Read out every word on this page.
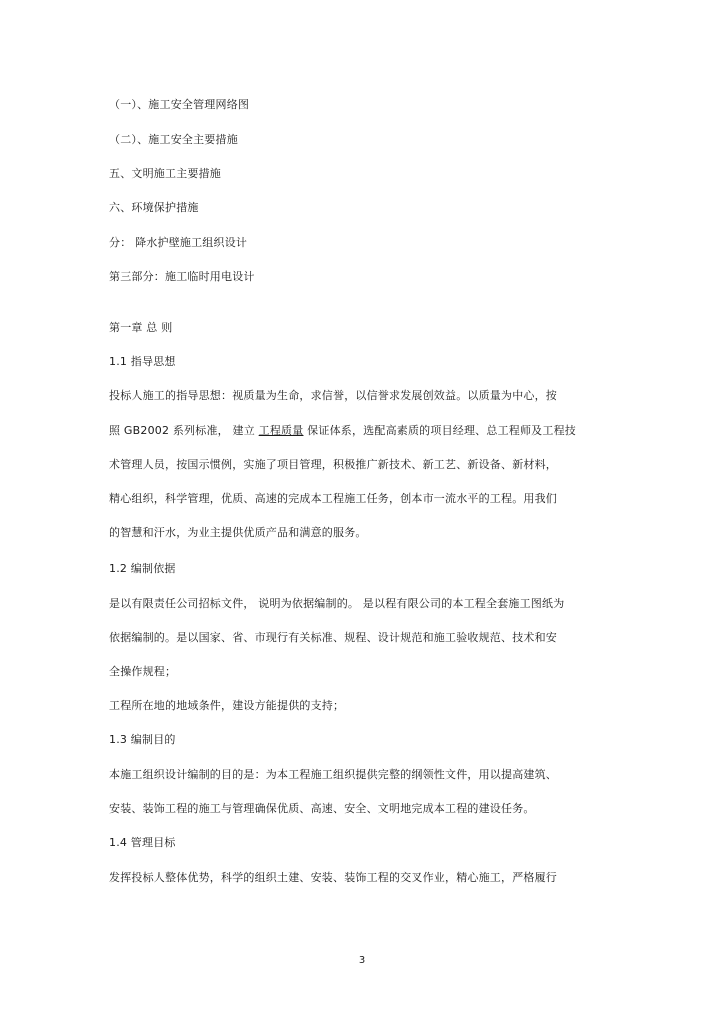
（一）、施工安全管理网络图
（二）、施工安全主要措施
五、文明施工主要措施
六、环境保护措施
分： 降水护壁施工组织设计
第三部分：施工临时用电设计
第一章 总 则
1.1 指导思想
投标人施工的指导思想：视质量为生命，求信誉，以信誉求发展创效益。以质量为中心，按
照 GB2002 系列标准， 建立 工程质量 保证体系，选配高素质的项目经理、总工程师及工程技
术管理人员，按国示惯例，实施了项目管理，积极推广新技术、新工艺、新设备、新材料，
精心组织，科学管理，优质、高速的完成本工程施工任务，创本市一流水平的工程。用我们
的智慧和汗水，为业主提供优质产品和满意的服务。
1.2 编制依据
是以有限责任公司招标文件， 说明为依据编制的。 是以程有限公司的本工程全套施工图纸为
依据编制的。是以国家、省、市现行有关标准、规程、设计规范和施工验收规范、技术和安
全操作规程；
工程所在地的地域条件，建设方能提供的支持；
1.3 编制目的
本施工组织设计编制的目的是：为本工程施工组织提供完整的纲领性文件，用以提高建筑、
安装、装饰工程的施工与管理确保优质、高速、安全、文明地完成本工程的建设任务。
1.4 管理目标
发挥投标人整体优势，科学的组织土建、安装、装饰工程的交叉作业，精心施工，严格履行
3
